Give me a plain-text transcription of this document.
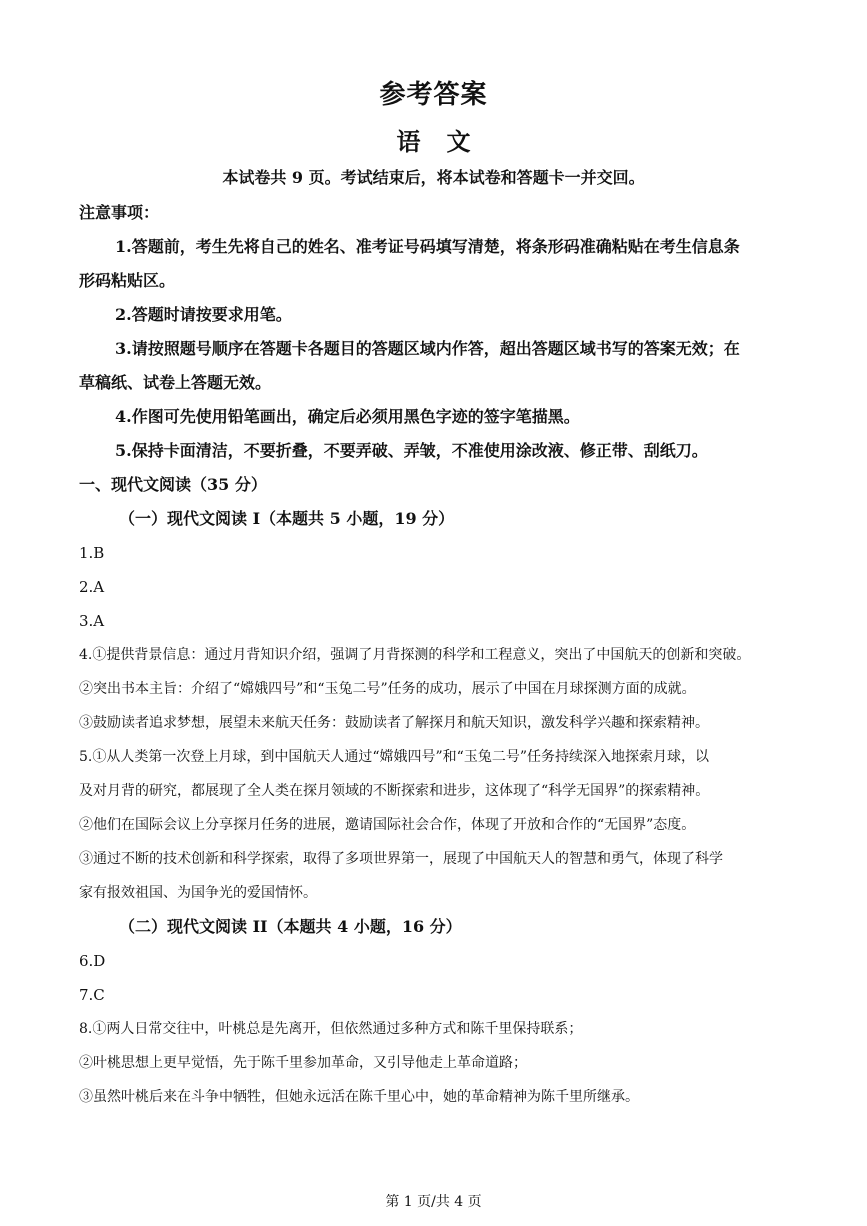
参考答案
语文
本试卷共 9 页。考试结束后，将本试卷和答题卡一并交回。
注意事项：
1.答题前，考生先将自己的姓名、准考证号码填写清楚，将条形码准确粘贴在考生信息条
形码粘贴区。
2.答题时请按要求用笔。
3.请按照题号顺序在答题卡各题目的答题区域内作答，超出答题区域书写的答案无效；在
草稿纸、试卷上答题无效。
4.作图可先使用铅笔画出，确定后必须用黑色字迹的签字笔描黑。
5.保持卡面清洁，不要折叠，不要弄破、弄皱，不准使用涂改液、修正带、刮纸刀。
一、现代文阅读（35 分）
（一）现代文阅读 I（本题共 5 小题，19 分）
1.B
2.A
3.A
4.①提供背景信息：通过月背知识介绍，强调了月背探测的科学和工程意义，突出了中国航天的创新和突破。
②突出书本主旨：介绍了“嫦娥四号”和“玉兔二号”任务的成功，展示了中国在月球探测方面的成就。
③鼓励读者追求梦想，展望未来航天任务：鼓励读者了解探月和航天知识，激发科学兴趣和探索精神。
5.①从人类第一次登上月球，到中国航天人通过“嫦娥四号”和“玉兔二号”任务持续深入地探索月球，以
及对月背的研究，都展现了全人类在探月领域的不断探索和进步，这体现了“科学无国界”的探索精神。
②他们在国际会议上分享探月任务的进展，邀请国际社会合作，体现了开放和合作的“无国界”态度。
③通过不断的技术创新和科学探索，取得了多项世界第一，展现了中国航天人的智慧和勇气，体现了科学
家有报效祖国、为国争光的爱国情怀。
（二）现代文阅读 II（本题共 4 小题，16 分）
6.D
7.C
8.①两人日常交往中，叶桃总是先离开，但依然通过多种方式和陈千里保持联系；
②叶桃思想上更早觉悟，先于陈千里参加革命，又引导他走上革命道路；
③虽然叶桃后来在斗争中牺牲，但她永远活在陈千里心中，她的革命精神为陈千里所继承。
第 1 页/共 4 页
